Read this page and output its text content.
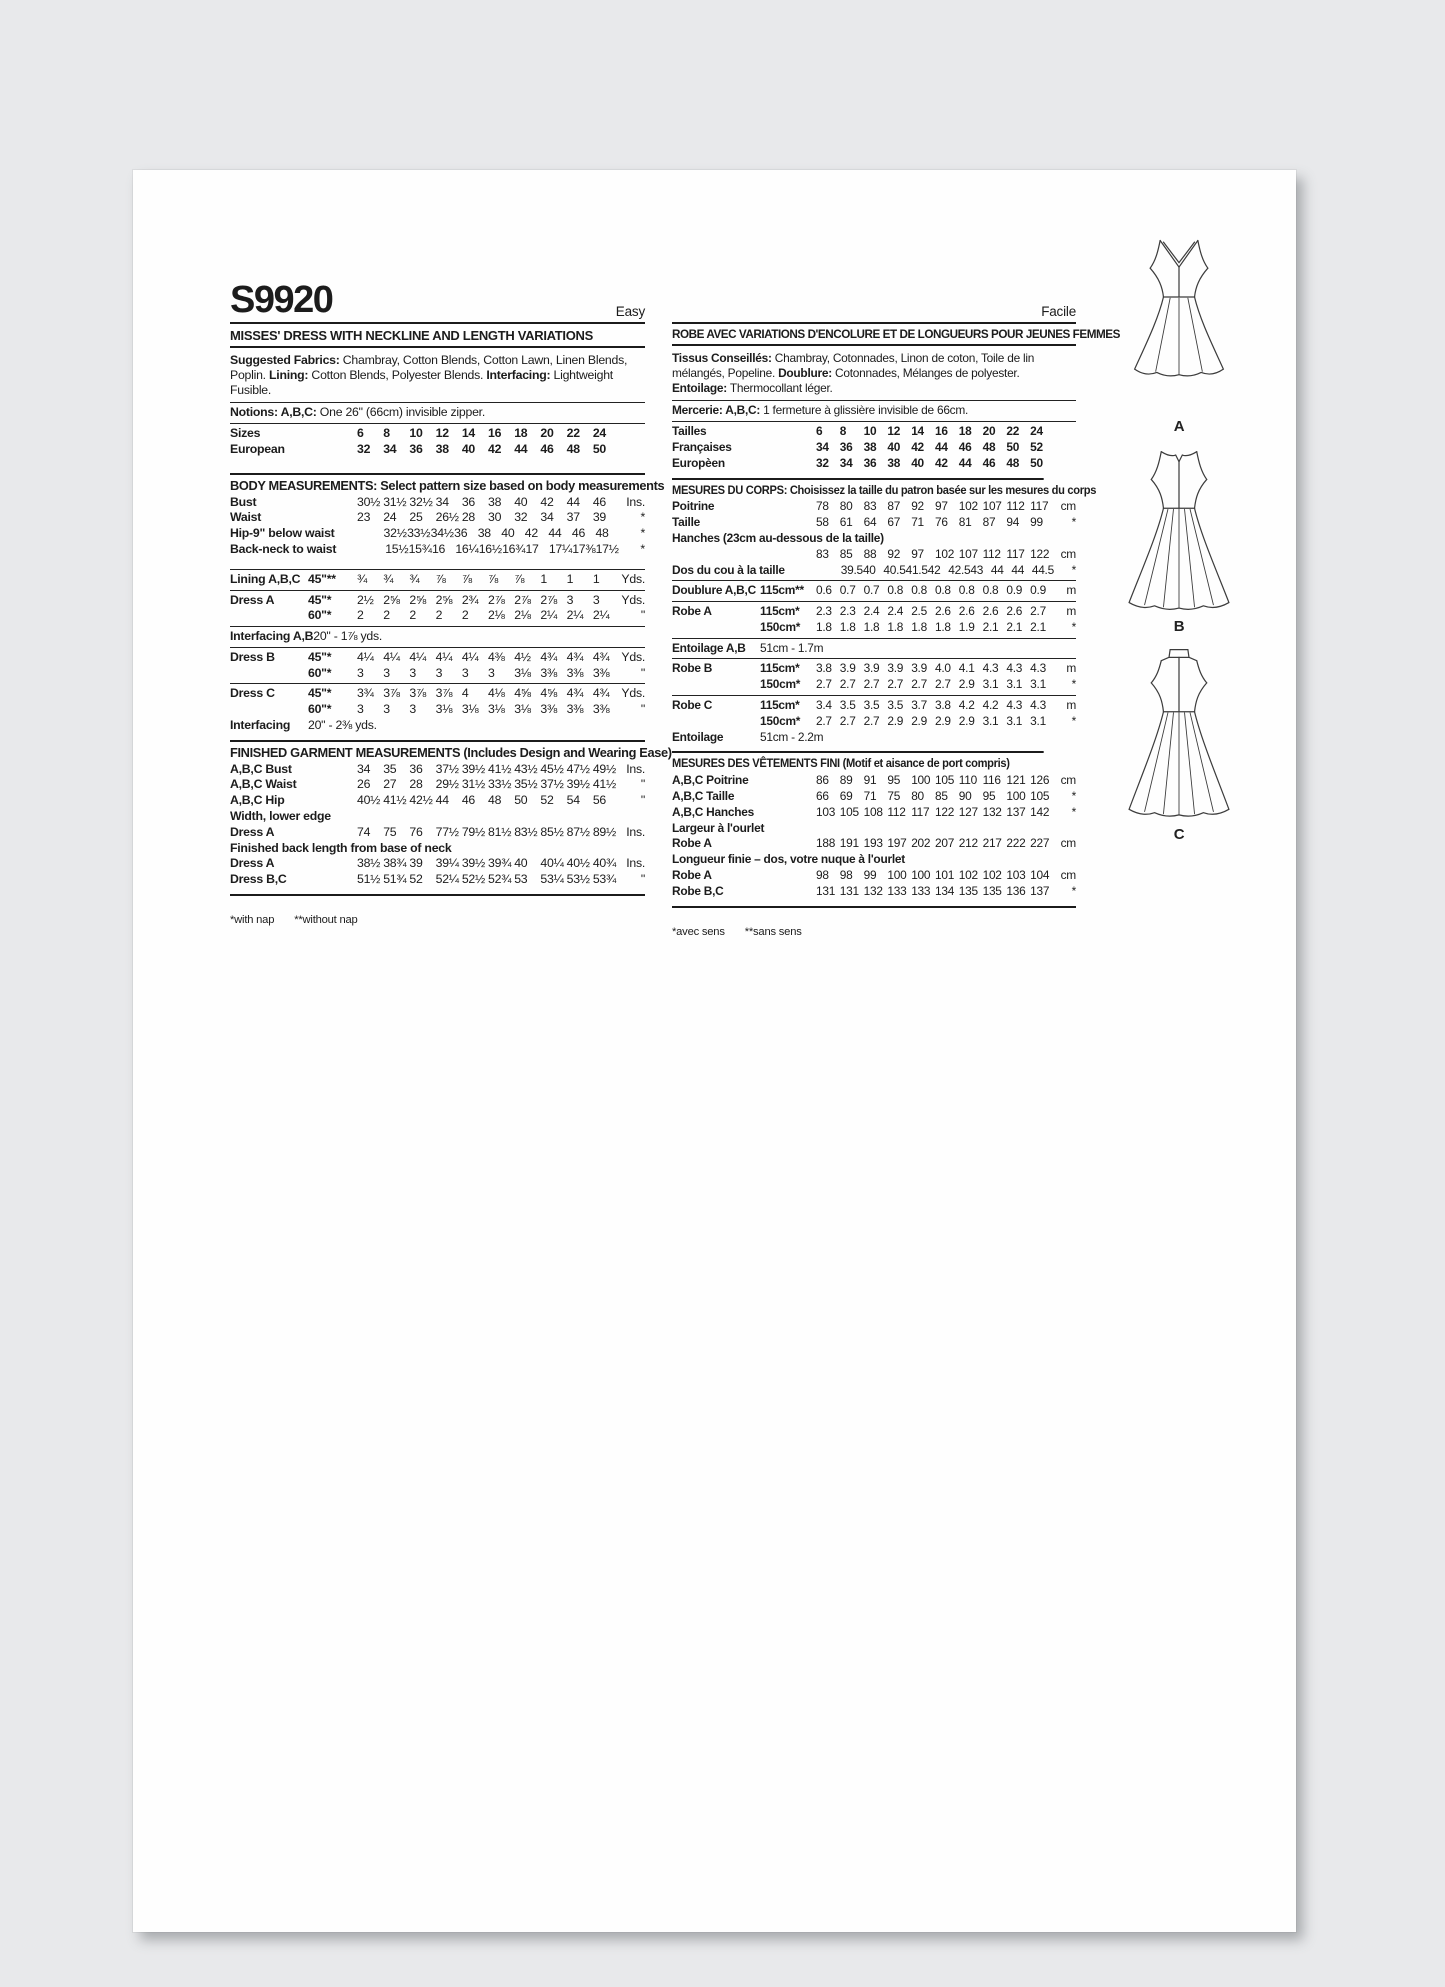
S9920	Easy
MISSES' DRESS WITH NECKLINE AND LENGTH VARIATIONS
Suggested Fabrics: Chambray, Cotton Blends, Cotton Lawn, Linen Blends, Poplin. Lining: Cotton Blends, Polyester Blends. Interfacing: Lightweight Fusible.
Notions: A,B,C: One 26" (66cm) invisible zipper.
Sizes	6	8	10	12	14	16	18	20	22	24
European	32	34	36	38	40	42	44	46	48	50
BODY MEASUREMENTS: Select pattern size based on body measurements
Bust	30½ 31½ 32½ 34	36	38	40	42	44	46	Ins.
Waist	23	24	25	26½ 28	30	32	34	37	39	*
Hip-9" below waist	32½ 33½ 34½ 36 38 40 42 44 46 48	*
Back-neck to waist	15½ 15¾ 16 16¼ 16½ 16¾ 17 17¼ 17⅜ 17½	*
Lining A,B,C 45"**	¾	¾	¾	⅞	⅞	⅞	⅞	1	1	1	Yds.
Dress A	45"*	2½ 2⅝ 2⅝ 2⅝ 2¾ 2⅞ 2⅞ 2⅞ 3	3	Yds.
60"*	2	2	2	2	2	2⅛ 2⅛ 2¼ 2¼ 2¼	"
Interfacing A,B 20" - 1⅞ yds.
Dress B	45"*	4¼ 4¼ 4¼ 4¼ 4¼ 4⅜ 4½ 4¾ 4¾ 4¾ Yds.
60"*	3	3	3	3	3	3	3⅛ 3⅜ 3⅜ 3⅜	"
Dress C	45"*	3¾ 3⅞ 3⅞ 3⅞ 4	4⅛ 4⅝ 4⅝ 4¾ 4¾ Yds.
60"*	3	3	3	3⅛ 3⅛ 3⅛ 3⅛ 3⅜ 3⅜ 3⅜	"
Interfacing	20" - 2⅜ yds.
FINISHED GARMENT MEASUREMENTS (Includes Design and Wearing Ease)
A,B,C Bust	34	35	36	37½ 39½ 41½ 43½ 45½ 47½ 49½ Ins.
A,B,C Waist	26	27	28	29½ 31½ 33½ 35½ 37½ 39½ 41½	"
A,B,C Hip	40½ 41½ 42½ 44	46	48	50	52	54	56	"
Width, lower edge
Dress A	74	75	76	77½ 79½ 81½ 83½ 85½ 87½ 89½ Ins.
Finished back length from base of neck
Dress A	38½ 38¾ 39	39¼ 39½ 39¾ 40	40¼ 40½ 40¾ Ins.
Dress B,C	51½ 51¾ 52	52¼ 52½ 52¾ 53	53¼ 53½ 53¾	"
*with nap **without nap
Facile
ROBE AVEC VARIATIONS D'ENCOLURE ET DE LONGUEURS POUR JEUNES FEMMES
Tissus Conseillés: Chambray, Cotonnades, Linon de coton, Toile de lin mélangés, Popeline. Doublure: Cotonnades, Mélanges de polyester. Entoilage: Thermocollant léger.
Mercerie: A,B,C: 1 fermeture à glissière invisible de 66cm.
Tailles	6	8	10 12 14 16 18 20 22 24
Françaises	34 36 38 40 42 44 46 48 50 52
Europèen	32 34 36 38 40 42 44 46 48 50
MESURES DU CORPS: Choisissez la taille du patron basée sur les mesures du corps
Poitrine	78 80 83 87 92 97 102 107 112 117	cm
Taille	58 61 64 67 71 76 81 87 94 99	*
Hanches (23cm au-dessous de la taille)
83 85 88 92 97 102 107 112 117 122 cm
Dos du cou à la taille	39.5 40 40.5 41.5 42 42.5 43 44 44 44.5	*
Doublure A,B,C 115cm**	0.6 0.7 0.7 0.8 0.8 0.8 0.8 0.8 0.9 0.9	m
Robe A	115cm*	2.3 2.3 2.4 2.4 2.5 2.6 2.6 2.6 2.6 2.7	m
150cm*	1.8 1.8 1.8 1.8 1.8 1.8 1.9 2.1 2.1 2.1	*
Entoilage A,B	51cm - 1.7m
Robe B	115cm*	3.8 3.9 3.9 3.9 3.9 4.0 4.1 4.3 4.3 4.3	m
150cm*	2.7 2.7 2.7 2.7 2.7 2.7 2.9 3.1 3.1 3.1	*
Robe C	115cm*	3.4 3.5 3.5 3.5 3.7 3.8 4.2 4.2 4.3 4.3	m
150cm*	2.7 2.7 2.7 2.9 2.9 2.9 2.9 3.1 3.1 3.1	*
Entoilage	51cm - 2.2m
MESURES DES VÊTEMENTS FINI (Motif et aisance de port compris)
A,B,C Poitrine	86 89 91 95 100 105 110 116 121 126 cm
A,B,C Taille	66 69 71 75 80 85 90 95 100 105	*
A,B,C Hanches	103 105 108 112 117 122 127 132 137 142	*
Largeur à l'ourlet
Robe A	188 191 193 197 202 207 212 217 222 227 cm
Longueur finie – dos, votre nuque à l'ourlet
Robe A	98 98 99 100 100 101 102 102 103 104 cm
Robe B,C	131 131 132 133 133 134 135 135 136 137	*
*avec sens **sans sens
A
B
C
